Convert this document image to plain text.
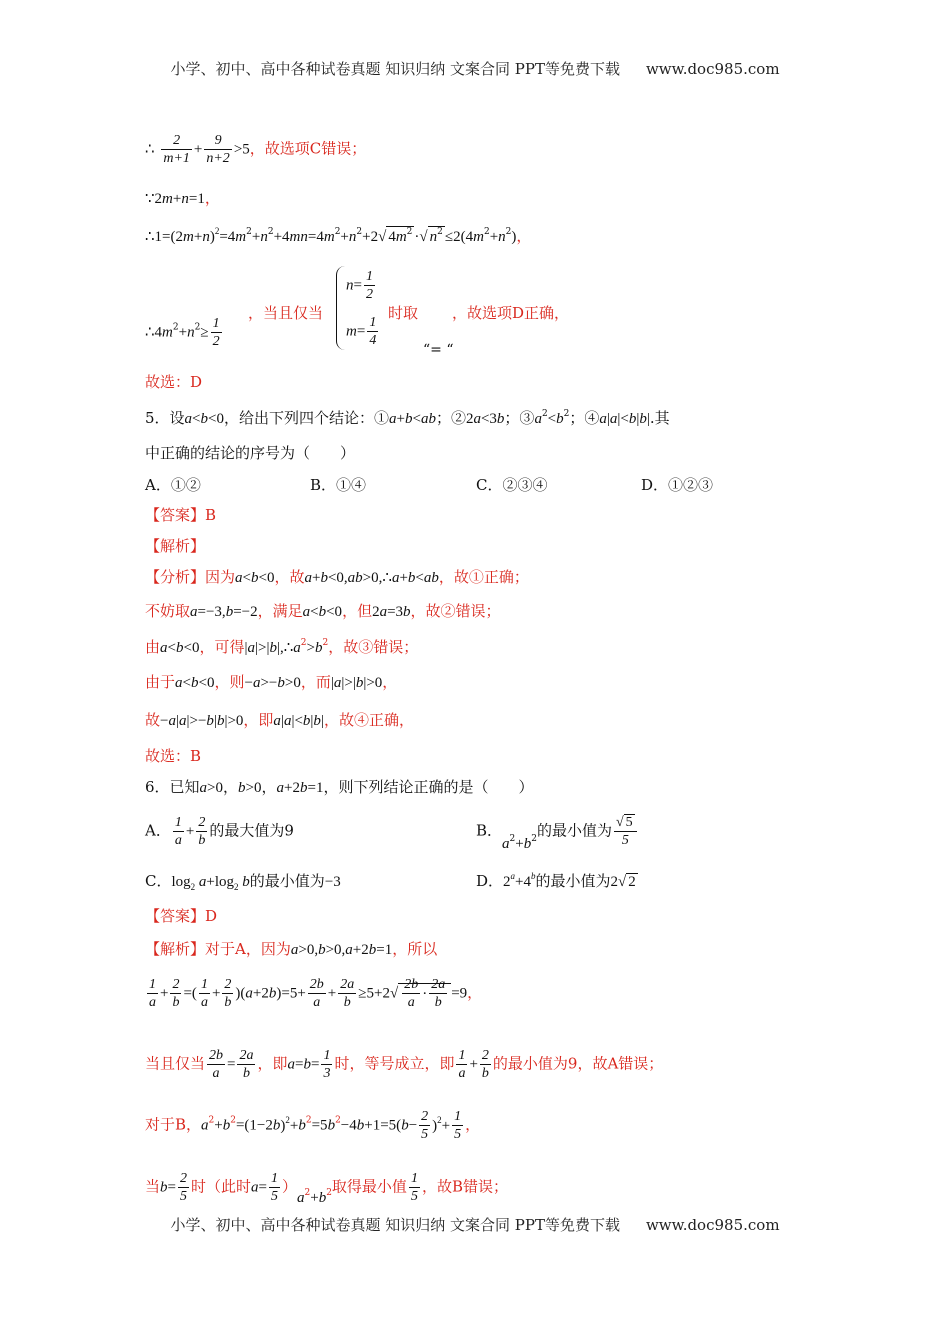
小学、初中、高中各种试卷真题 知识归纳 文案合同 PPT等免费下载 www.doc985.com
∴ $\frac{2}{m+1} + \frac{9}{n+2} >5$，故选项C错误；
∵2m+n=1，
$\therefore 1=(2m+n)^2=4m^2+n^2+4mn=4m^2+n^2+2√$ $4m^2$ ·√ $n^2 \le 2(4m^2+n^2)$，
$\therefore 4m^2+n^2\ge \frac{1}{2}$
，当且仅当
$n= \frac{1}{2}$
$m= \frac{1}{4}$
时取
“= “
，故选项D正确，
故选：D
5．设a<b<0，给出下列四个结论：①a+b<ab；②2a<3b；$③a^2<b^2$；④a|a|<b|b|.其
中正确的结论的序号为（　　）
A．①②	B．①④	C．②③④	D．①②③
【答案】B
【解析】
【分析】因为a<b<0，故a+b<0,ab>0,∴a+b<ab，故①正确；
不妨取a=−3,b=−2，满足a<b<0，但2a=3b，故②错误；
由a<b<0，可得$|a|>|b|,\therefore a^2>b^2$，故③错误；
由于a<b<0，则−a>−b>0，而|a|>|b|>0，
故−a|a|>−b|b|>0，即a|a|<b|b|，故④正确，
故选：B
6．已知a>0，b>0，a+2b=1，则下列结论正确的是（　　）
A． $\frac{1}{a} + \frac{2}{b}$ 的最大值为9	B．$a^2+b^2$的最小值为 $\frac{√ 5}{5}$
C．$\log_2 a+\log_2$ b的最小值为−3	D．$2^a+4^b$的最小值为2√ 2
【答案】D
【解析】对于A，因为a>0,b>0,a+2b=1，所以
$\frac{1}{a} + \frac{2}{b}$ =( $\frac{1}{a} + \frac{2}{b} )(a+2b)=5+ \frac{2b}{a} + \frac{2a}{b} \ge 5+2√ \frac{2b}{a} \cdot \frac{2a}{b} =9$，
当且仅当 $\frac{2b}{a} = \frac{2a}{b}$ ，即$a=b= \frac{1}{3}$ 时，等号成立，即 $\frac{1}{a} + \frac{2}{b}$ 的最小值为9，故A错误；
对于B，$a^2+b^2=(1-2b)^2+b^2=5b^2-4b+1=5(b- \frac{2}{5} )^2+ \frac{1}{5}$ ，
当$b= \frac{2}{5}$ 时（此时$a= \frac{1}{5} )a^2+b^2$取得最小值 $\frac{1}{5}$ ，故B错误；
小学、初中、高中各种试卷真题 知识归纳 文案合同 PPT等免费下载 www.doc985.com
